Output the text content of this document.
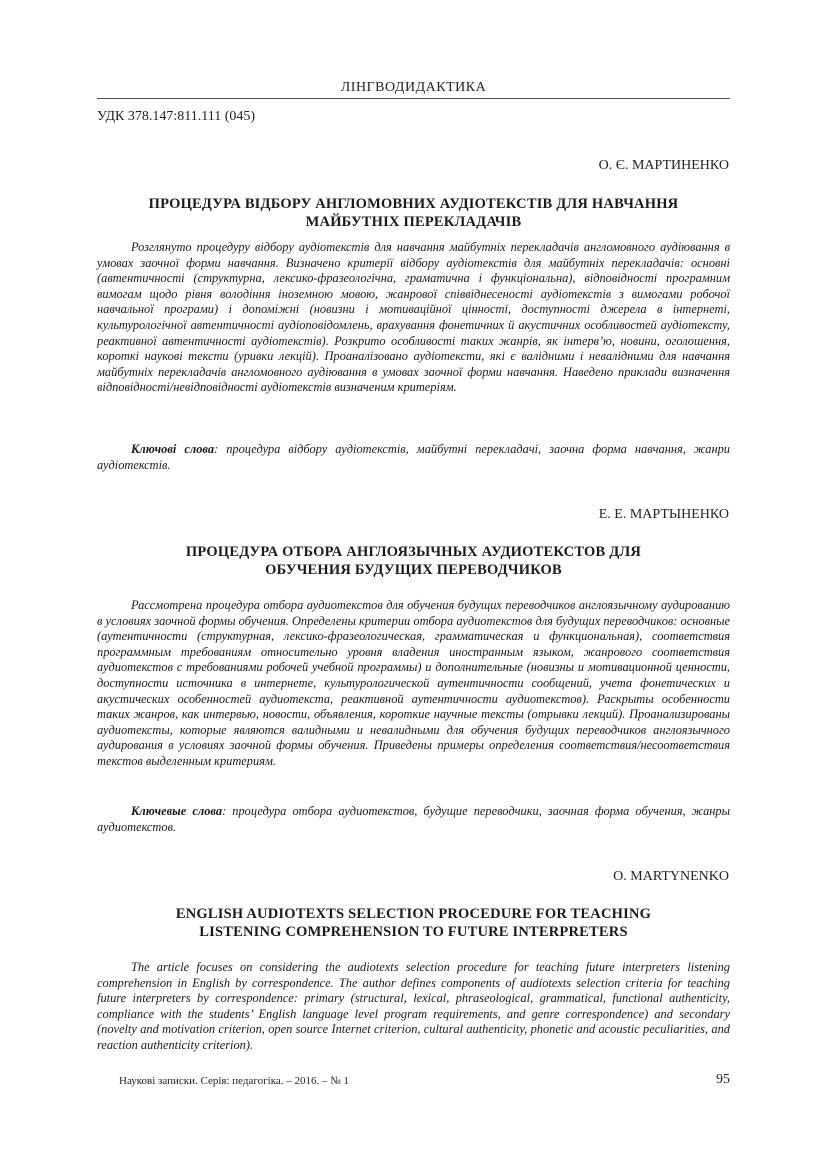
ЛІНГВОДИДАКТИКА
УДК 378.147:811.111 (045)
О. Є. МАРТИНЕНКО
ПРОЦЕДУРА ВІДБОРУ АНГЛОМОВНИХ АУДІОТЕКСТІВ ДЛЯ НАВЧАННЯ
МАЙБУТНІХ ПЕРЕКЛАДАЧІВ

Розглянуто процедуру відбору аудіотекстів для навчання майбутніх перекладачів англомовного аудіювання в умовах заочної форми навчання. Визначено критерії відбору аудіотекстів для майбутніх перекладачів: основні (автентичності (структурна, лексико-фразеологічна, граматична і функціональна), відповідності програмним вимогам щодо рівня володіння іноземною мовою, жанрової співвіднесеності аудіотекстів з вимогами робочої навчальної програми) і допоміжні (новизни і мотиваційної цінності, доступності джерела в інтернеті, культурологічної автентичності аудіоповідомлень, врахування фонетичних й акустичних особливостей аудіотексту, реактивної автентичності аудіотекстів). Розкрито особливості таких жанрів, як інтерв’ю, новини, оголошення, короткі наукові тексти (уривки лекцій). Проаналізовано аудіотексти, які є валідними і невалідними для навчання майбутніх перекладачів англомовного аудіювання в умовах заочної форми навчання. Наведено приклади визначення відповідності/невідповідності аудіотекстів визначеним критеріям.

Ключові слова: процедура відбору аудіотекстів, майбутні перекладачі, заочна форма навчання, жанри аудіотекстів.

Е. Е. МАРТЫНЕНКО
ПРОЦЕДУРА ОТБОРА АНГЛОЯЗЫЧНЫХ АУДИОТЕКСТОВ ДЛЯ
ОБУЧЕНИЯ БУДУЩИХ ПЕРЕВОДЧИКОВ

Рассмотрена процедура отбора аудиотекстов для обучения будущих переводчиков англоязычному аудированию в условиях заочной формы обучения. Определены критерии отбора аудиотекстов для будущих переводчиков: основные (аутентичности (структурная, лексико-фразеологическая, грамматическая и функциональная), соответствия программным требованиям относительно уровня владения иностранным языком, жанрового соответствия аудиотекстов с требованиями робочей учебной программы) и дополнительные (новизны и мотивационной ценности, доступности источника в интернете, культурологической аутентичности сообщений, учета фонетических и акустических особенностей аудиотекста, реактивной аутентичности аудиотекстов). Раскрыты особенности таких жанров, как интервью, новости, объявления, короткие научные тексты (отрывки лекций). Проанализированы аудиотексты, которые являются валидными и невалидными для обучения будущих переводчиков англоязычного аудирования в условиях заочной формы обучения. Приведены примеры определения соответствия/несоответствия текстов выделенным критериям.

Ключевые слова: процедура отбора аудиотекстов, будущие переводчики, заочная форма обучения, жанры аудиотекстов.

O. MARTYNENKO
ENGLISH AUDIOTEXTS SELECTION PROCEDURE FOR TEACHING
LISTENING COMPREHENSION TO FUTURE INTERPRETERS

The article focuses on considering the audiotexts selection procedure for teaching future interpreters listening comprehension in English by correspondence. The author defines components of audiotexts selection criteria for teaching future interpreters by correspondence: primary (structural, lexical, phraseological, grammatical, functional authenticity, compliance with the students’ English language level program requirements, and genre correspondence) and secondary (novelty and motivation criterion, open source Internet criterion, cultural authenticity, phonetic and acoustic peculiarities, and reaction authenticity criterion).

Наукові записки. Серія: педагогіка. – 2016. – № 1	95
